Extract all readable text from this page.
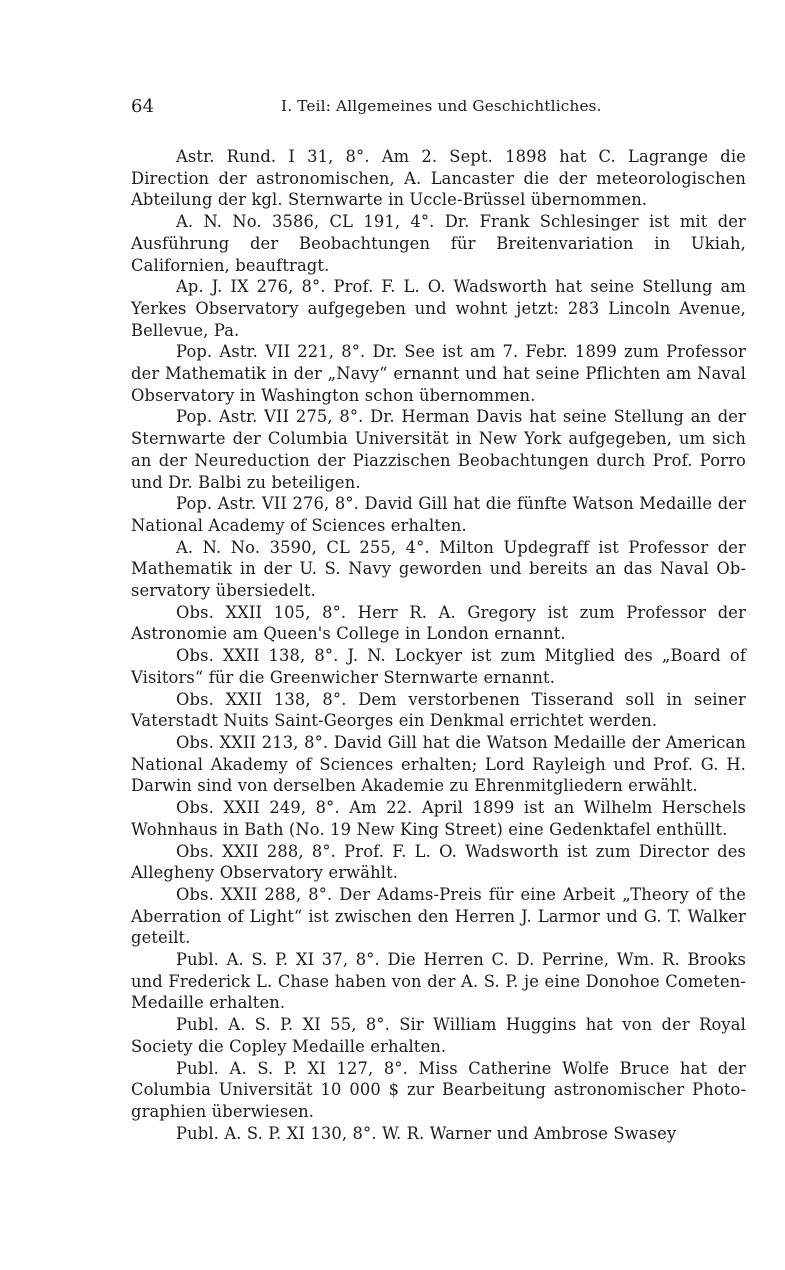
64	I. Teil: Allgemeines und Geschichtliches.

Astr. Rund. I 31, 8°. Am 2. Sept. 1898 hat C. Lagrange die Direction der astronomischen, A. Lancaster die der meteorologischen Abteilung der kgl. Sternwarte in Uccle-Brüssel übernommen.

A. N. No. 3586, CL 191, 4°. Dr. Frank Schlesinger ist mit der Ausführung der Beobachtungen für Breitenvariation in Ukiah, Californien, beauftragt.

Ap. J. IX 276, 8°. Prof. F. L. O. Wadsworth hat seine Stellung am Yerkes Observatory aufgegeben und wohnt jetzt: 283 Lincoln Avenue, Bellevue, Pa.

Pop. Astr. VII 221, 8°. Dr. See ist am 7. Febr. 1899 zum Professor der Mathematik in der „Navy“ ernannt und hat seine Pflichten am Naval Observatory in Washington schon übernommen.

Pop. Astr. VII 275, 8°. Dr. Herman Davis hat seine Stellung an der Sternwarte der Columbia Universität in New York aufgegeben, um sich an der Neureduction der Piazzischen Beobachtungen durch Prof. Porro und Dr. Balbi zu beteiligen.

Pop. Astr. VII 276, 8°. David Gill hat die fünfte Watson Medaille der National Academy of Sciences erhalten.

A. N. No. 3590, CL 255, 4°. Milton Updegraff ist Professor der Mathematik in der U. S. Navy geworden und bereits an das Naval Observatory übersiedelt.

Obs. XXII 105, 8°. Herr R. A. Gregory ist zum Professor der Astronomie am Queen's College in London ernannt.

Obs. XXII 138, 8°. J. N. Lockyer ist zum Mitglied des „Board of Visitors“ für die Greenwicher Sternwarte ernannt.

Obs. XXII 138, 8°. Dem verstorbenen Tisserand soll in seiner Vaterstadt Nuits Saint-Georges ein Denkmal errichtet werden.

Obs. XXII 213, 8°. David Gill hat die Watson Medaille der American National Akademy of Sciences erhalten; Lord Rayleigh und Prof. G. H. Darwin sind von derselben Akademie zu Ehrenmitgliedern erwählt.

Obs. XXII 249, 8°. Am 22. April 1899 ist an Wilhelm Herschels Wohnhaus in Bath (No. 19 New King Street) eine Gedenktafel enthüllt.

Obs. XXII 288, 8°. Prof. F. L. O. Wadsworth ist zum Director des Allegheny Observatory erwählt.

Obs. XXII 288, 8°. Der Adams-Preis für eine Arbeit „Theory of the Aberration of Light“ ist zwischen den Herren J. Larmor und G. T. Walker geteilt.

Publ. A. S. P. XI 37, 8°. Die Herren C. D. Perrine, Wm. R. Brooks und Frederick L. Chase haben von der A. S. P. je eine Donohoe Cometen-Medaille erhalten.

Publ. A. S. P. XI 55, 8°. Sir William Huggins hat von der Royal Society die Copley Medaille erhalten.

Publ. A. S. P. XI 127, 8°. Miss Catherine Wolfe Bruce hat der Columbia Universität 10 000 $ zur Bearbeitung astronomischer Photographien überwiesen.

Publ. A. S. P. XI 130, 8°. W. R. Warner und Ambrose Swasey
